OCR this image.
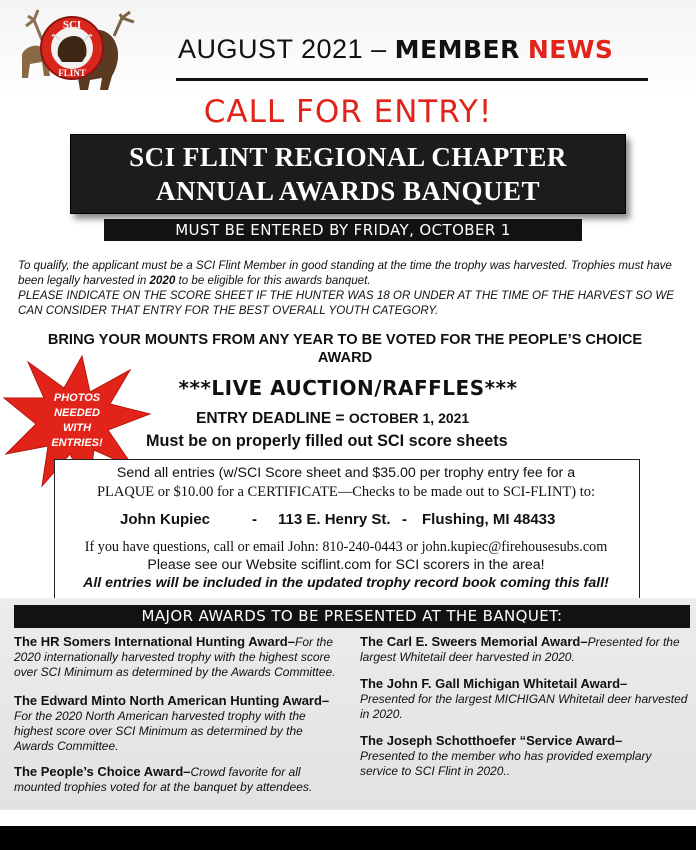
SCI
FLINT
AUGUST 2021 – MEMBER NEWS
CALL FOR ENTRY!
SCI FLINT REGIONAL CHAPTER
ANNUAL AWARDS BANQUET
MUST BE ENTERED BY FRIDAY, OCTOBER 1
To qualify, the applicant must be a SCI Flint Member in good standing at the time the trophy was harvested. Trophies must have been legally harvested in 2020 to be eligible for this awards banquet.
PLEASE INDICATE ON THE SCORE SHEET IF THE HUNTER WAS 18 OR UNDER AT THE TIME OF THE HARVEST SO WE CAN CONSIDER THAT ENTRY FOR THE BEST OVERALL YOUTH CATEGORY.
BRING YOUR MOUNTS FROM ANY YEAR TO BE VOTED FOR THE PEOPLE’S CHOICE AWARD
***LIVE AUCTION/RAFFLES***
ENTRY DEADLINE = OCTOBER 1, 2021
Must be on properly filled out SCI score sheets
PHOTOS NEEDED WITH ENTRIES!
Send all entries (w/SCI Score sheet and $35.00 per trophy entry fee for a
PLAQUE or $10.00 for a CERTIFICATE—Checks to be made out to SCI-FLINT) to:
John Kupiec	- 113 E. Henry St. - Flushing, MI 48433
If you have questions, call or email John: 810-240-0443 or john.kupiec@firehousesubs.com
Please see our Website sciflint.com for SCI scorers in the area!
All entries will be included in the updated trophy record book coming this fall!
MAJOR AWARDS TO BE PRESENTED AT THE BANQUET:
The HR Somers International Hunting Award–For the 2020 internationally harvested trophy with the highest score over SCI Minimum as determined by the Awards Committee.
The Edward Minto North American Hunting Award–For the 2020 North American harvested trophy with the highest score over SCI Minimum as determined by the Awards Committee.
The People’s Choice Award–Crowd favorite for all mounted trophies voted for at the banquet by attendees.
The Carl E. Sweers Memorial Award–Presented for the largest Whitetail deer harvested in 2020.
The John F. Gall Michigan Whitetail Award–
Presented for the largest MICHIGAN Whitetail deer harvested in 2020.
The Joseph Schotthoefer “Service Award–
Presented to the member who has provided exemplary service to SCI Flint in 2020..
